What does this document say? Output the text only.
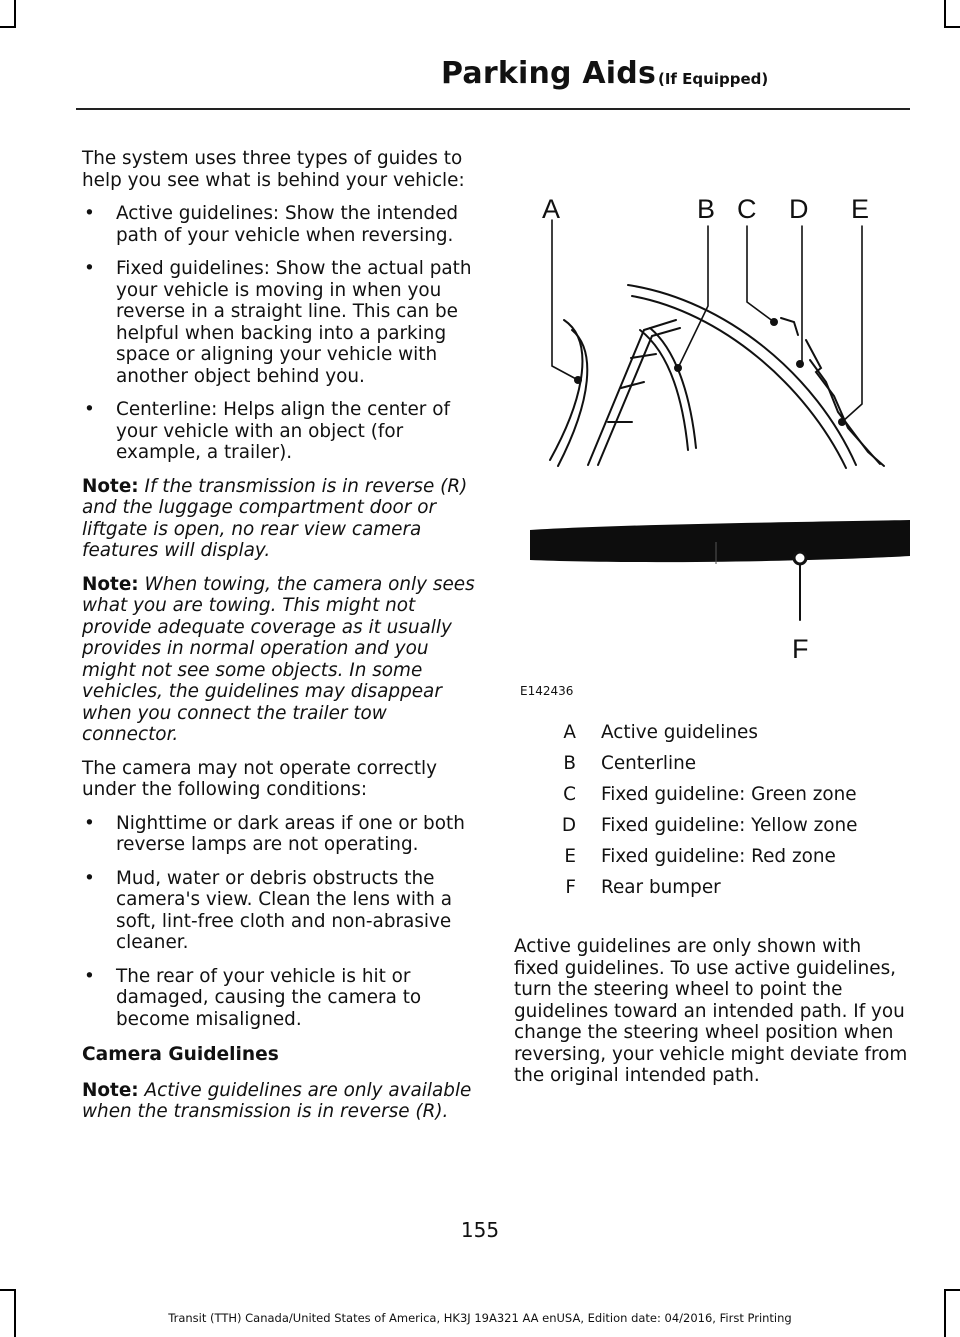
Parking Aids (If Equipped)

The system uses three types of guides to help you see what is behind your vehicle:

• Active guidelines: Show the intended path of your vehicle when reversing.
• Fixed guidelines: Show the actual path your vehicle is moving in when you reverse in a straight line. This can be helpful when backing into a parking space or aligning your vehicle with another object behind you.
• Centerline: Helps align the center of your vehicle with an object (for example, a trailer).

Note: If the transmission is in reverse (R) and the luggage compartment door or liftgate is open, no rear view camera features will display.

Note: When towing, the camera only sees what you are towing. This might not provide adequate coverage as it usually provides in normal operation and you might not see some objects. In some vehicles, the guidelines may disappear when you connect the trailer tow connector.

The camera may not operate correctly under the following conditions:

• Nighttime or dark areas if one or both reverse lamps are not operating.
• Mud, water or debris obstructs the camera's view. Clean the lens with a soft, lint-free cloth and non-abrasive cleaner.
• The rear of your vehicle is hit or damaged, causing the camera to become misaligned.
Camera Guidelines

Note: Active guidelines are only available when the transmission is in reverse (R).

A	B C D E
F
E142436
A Active guidelines
B Centerline
C Fixed guideline: Green zone
D Fixed guideline: Yellow zone
E Fixed guideline: Red zone
F Rear bumper

Active guidelines are only shown with fixed guidelines. To use active guidelines, turn the steering wheel to point the guidelines toward an intended path. If you change the steering wheel position when reversing, your vehicle might deviate from the original intended path.

155
Transit (TTH) Canada/United States of America, HK3J 19A321 AA enUSA, Edition date: 04/2016, First Printing
